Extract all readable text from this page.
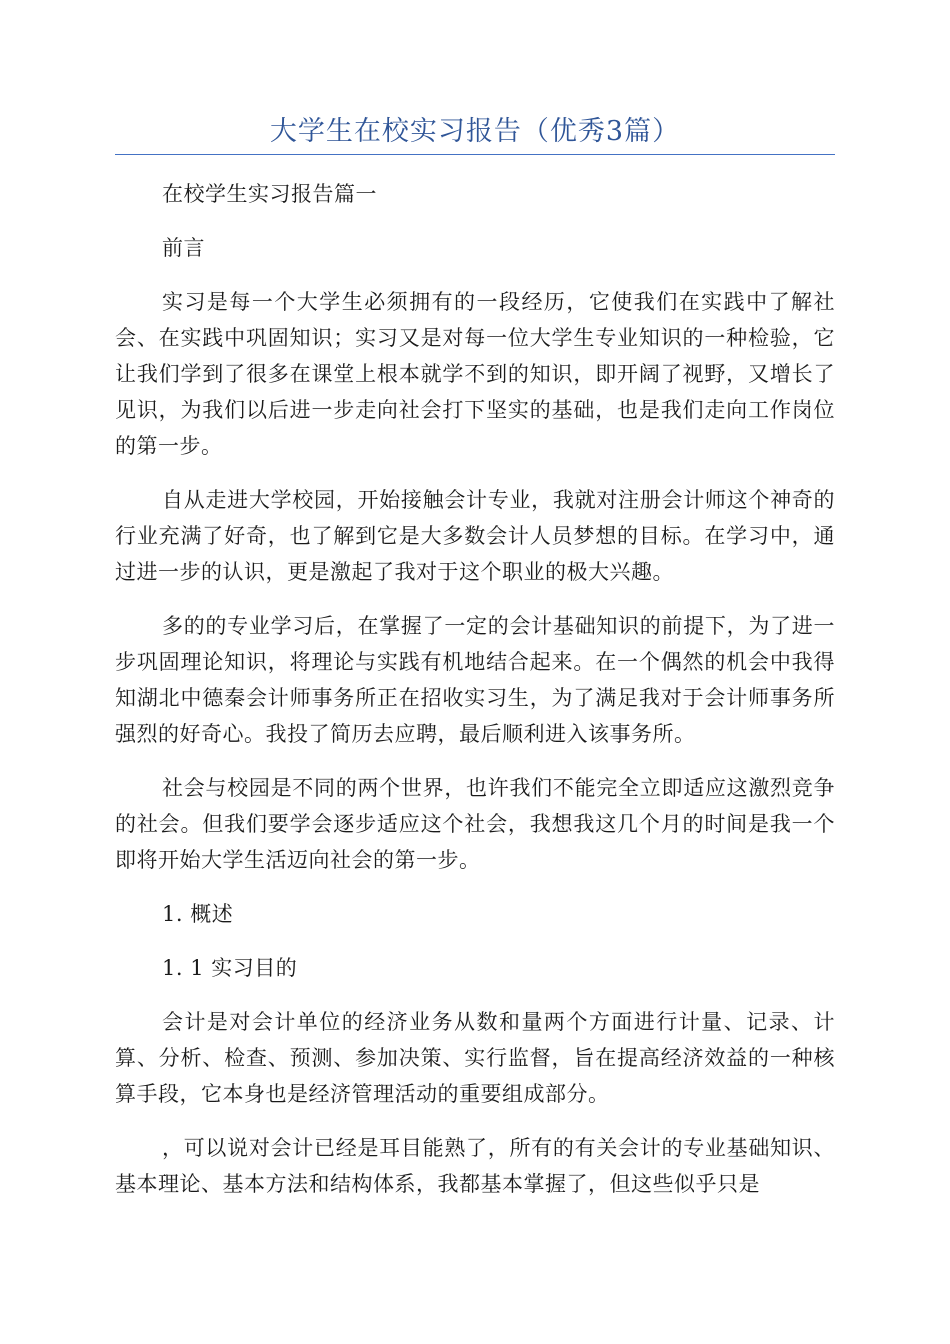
大学生在校实习报告（优秀3篇）

在校学生实习报告篇一

前言

实习是每一个大学生必须拥有的一段经历，它使我们在实践中了解社会、在实践中巩固知识；实习又是对每一位大学生专业知识的一种检验，它让我们学到了很多在课堂上根本就学不到的知识，即开阔了视野，又增长了见识，为我们以后进一步走向社会打下坚实的基础，也是我们走向工作岗位的第一步。

自从走进大学校园，开始接触会计专业，我就对注册会计师这个神奇的行业充满了好奇，也了解到它是大多数会计人员梦想的目标。在学习中，通过进一步的认识，更是激起了我对于这个职业的极大兴趣。

多的的专业学习后，在掌握了一定的会计基础知识的前提下，为了进一步巩固理论知识，将理论与实践有机地结合起来。在一个偶然的机会中我得知湖北中德秦会计师事务所正在招收实习生，为了满足我对于会计师事务所强烈的好奇心。我投了简历去应聘，最后顺利进入该事务所。

社会与校园是不同的两个世界，也许我们不能完全立即适应这激烈竞争的社会。但我们要学会逐步适应这个社会，我想我这几个月的时间是我一个即将开始大学生活迈向社会的第一步。

1. 概述

1. 1 实习目的

会计是对会计单位的经济业务从数和量两个方面进行计量、记录、计算、分析、检查、预测、参加决策、实行监督，旨在提高经济效益的一种核算手段，它本身也是经济管理活动的重要组成部分。

，可以说对会计已经是耳目能熟了，所有的有关会计的专业基础知识、基本理论、基本方法和结构体系，我都基本掌握了，但这些似乎只是
